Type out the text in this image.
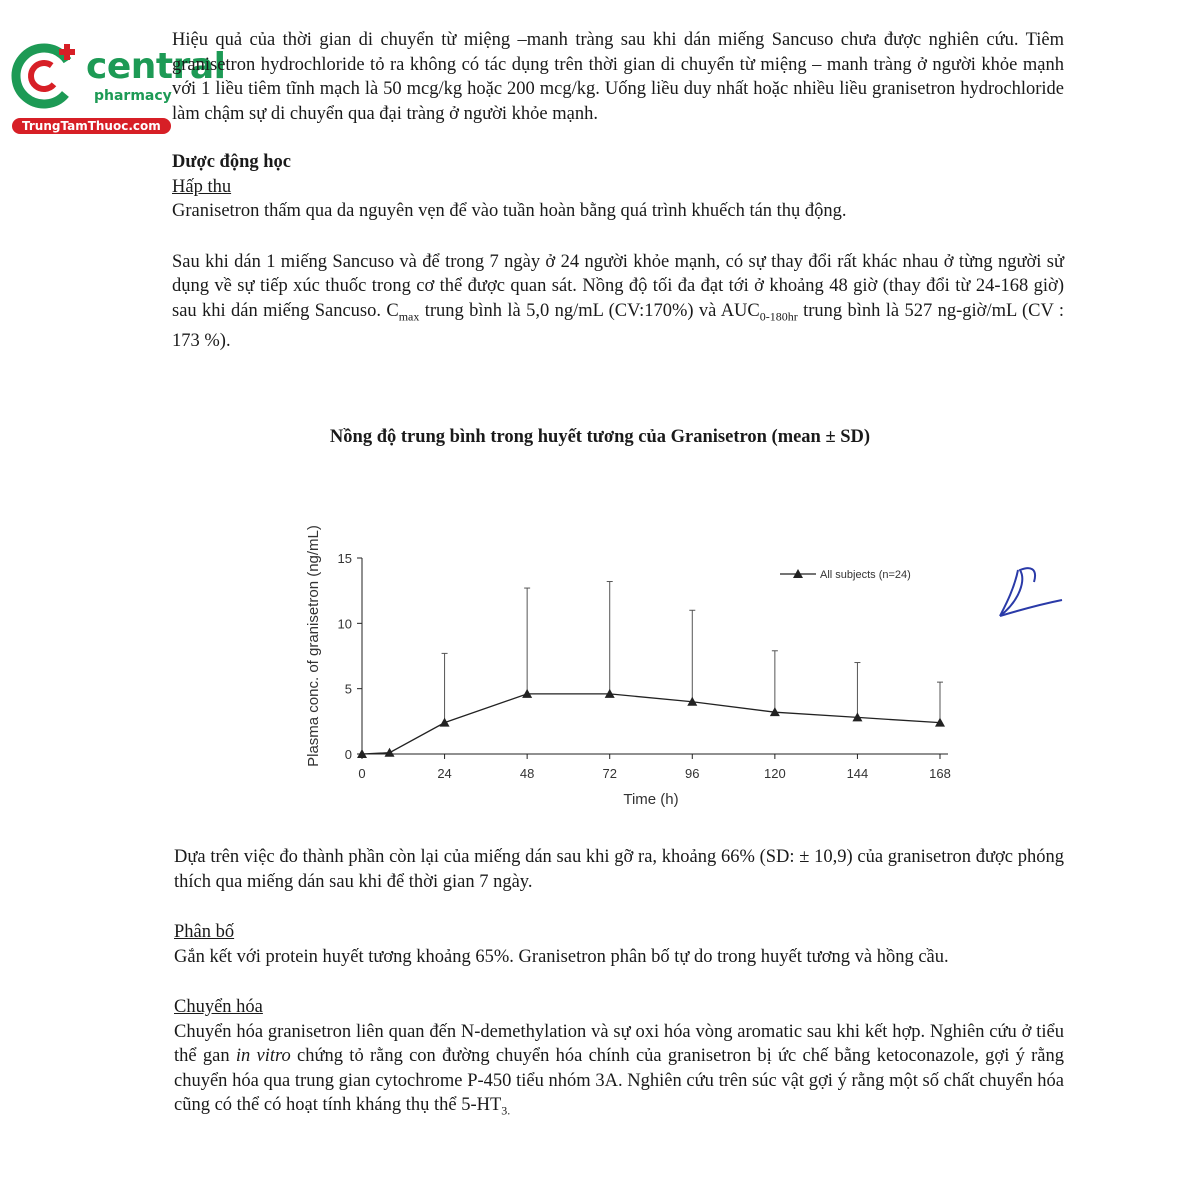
central
pharmacy
TrungTamThuoc.com

Hiệu quả của thời gian di chuyển từ miệng –manh tràng sau khi dán miếng Sancuso chưa được nghiên cứu. Tiêm granisetron hydrochloride tỏ ra không có tác dụng trên thời gian di chuyển từ miệng – manh tràng ở người khỏe mạnh với 1 liều tiêm tĩnh mạch là 50 mcg/kg hoặc 200 mcg/kg. Uống liều duy nhất hoặc nhiều liều granisetron hydrochloride làm chậm sự di chuyển qua đại tràng ở người khỏe mạnh.

Dược động học

Hấp thu

Granisetron thấm qua da nguyên vẹn để vào tuần hoàn bằng quá trình khuếch tán thụ động.

Sau khi dán 1 miếng Sancuso và để trong 7 ngày ở 24 người khỏe mạnh, có sự thay đổi rất khác nhau ở từng người sử dụng về sự tiếp xúc thuốc trong cơ thể được quan sát. Nồng độ tối đa đạt tới ở khoảng 48 giờ (thay đổi từ 24-168 giờ) sau khi dán miếng Sancuso. $C_{max}$ trung bình là 5,0 ng/mL (CV:170%) và $AUC_{0-180hr}$ trung bình là 527 ng-giờ/mL (CV : 173 %).

Nồng độ trung bình trong huyết tương của Granisetron (mean ± SD)
0
5
10
15
0	24	48	72	96	120	144	168
Time (h)
Plasma conc. of granisetron (ng/mL)	All subjects (n=24)

Dựa trên việc đo thành phần còn lại của miếng dán sau khi gỡ ra, khoảng 66% (SD: ± 10,9) của granisetron được phóng thích qua miếng dán sau khi để thời gian 7 ngày.

Phân bố

Gắn kết với protein huyết tương khoảng 65%. Granisetron phân bố tự do trong huyết tương và hồng cầu.

Chuyển hóa

Chuyển hóa granisetron liên quan đến N-demethylation và sự oxi hóa vòng aromatic sau khi kết hợp. Nghiên cứu ở tiểu thể gan in vitro chứng tỏ rằng con đường chuyển hóa chính của granisetron bị ức chế bằng ketoconazole, gợi ý rằng chuyển hóa qua trung gian cytochrome P-450 tiểu nhóm 3A. Nghiên cứu trên súc vật gợi ý rằng một số chất chuyển hóa cũng có thể có hoạt tính kháng thụ thể $5-HT_{3.}$
